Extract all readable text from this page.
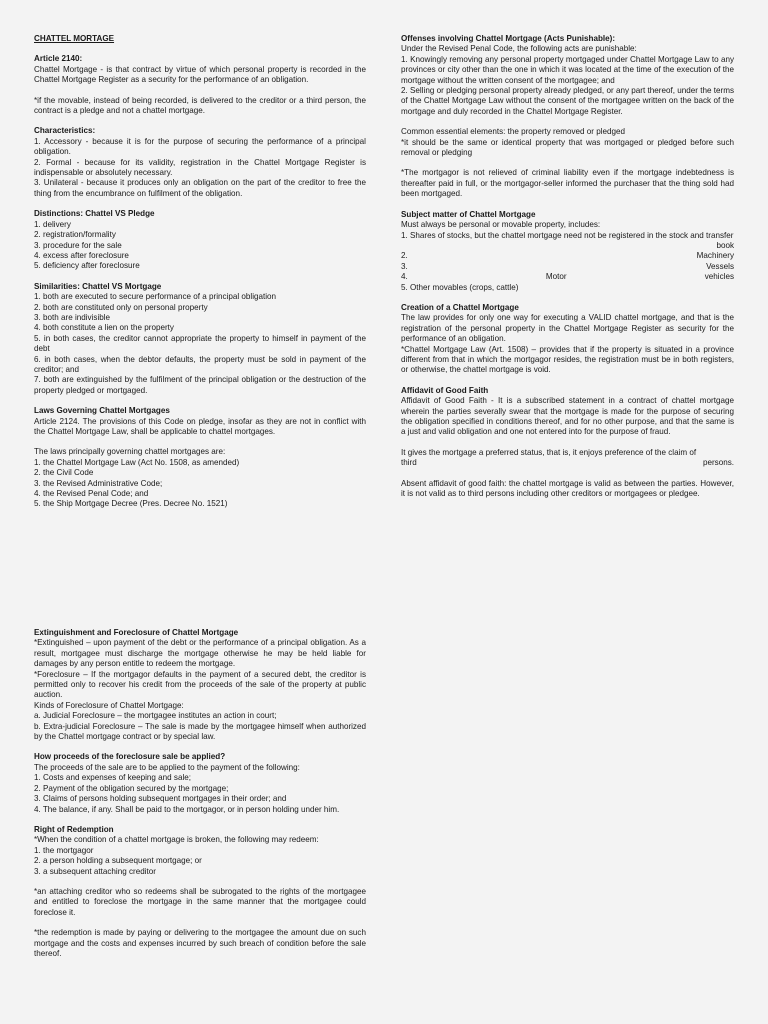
CHATTEL MORTAGE
Article 2140:
Chattel Mortgage - is that contract by virtue of which personal property is recorded in the Chattel Mortgage Register as a security for the performance of an obligation.
*if the movable, instead of being recorded, is delivered to the creditor or a third person, the contract is a pledge and not a chattel mortgage.
Characteristics:
1. Accessory - because it is for the purpose of securing the performance of a principal obligation.
2. Formal - because for its validity, registration in the Chattel Mortgage Register is indispensable or absolutely necessary.
3. Unilateral - because it produces only an obligation on the part of the creditor to free the thing from the encumbrance on fulfilment of the obligation.
Distinctions: Chattel VS Pledge
1. delivery
2. registration/formality
3. procedure for the sale
4. excess after foreclosure
5. deficiency after foreclosure
Similarities: Chattel VS Mortgage
1. both are executed to secure performance of a principal obligation
2. both are constituted only on personal property
3. both are indivisible
4. both constitute a lien on the property
5. in both cases, the creditor cannot appropriate the property to himself in payment of the debt
6. in both cases, when the debtor defaults, the property must be sold in payment of the creditor; and
7. both are extinguished by the fulfilment of the principal obligation or the destruction of the property pledged or mortgaged.
Laws Governing Chattel Mortgages
Article 2124. The provisions of this Code on pledge, insofar as they are not in conflict with the Chattel Mortgage Law, shall be applicable to chattel mortgages.
The laws principally governing chattel mortgages are:
1. the Chattel Mortgage Law (Act No. 1508, as amended)
2. the Civil Code
3. the Revised Administrative Code;
4. the Revised Penal Code; and
5. the Ship Mortgage Decree (Pres. Decree No. 1521)
Offenses involving Chattel Mortgage (Acts Punishable):
Under the Revised Penal Code, the following acts are punishable:
1. Knowingly removing any personal property mortgaged under Chattel Mortgage Law to any provinces or city other than the one in which it was located at the time of the execution of the mortgage without the written consent of the mortgagee; and
2. Selling or pledging personal property already pledged, or any part thereof, under the terms of the Chattel Mortgage Law without the consent of the mortgagee written on the back of the mortgage and duly recorded in the Chattel Mortgage Register.
Common essential elements: the property removed or pledged
*it should be the same or identical property that was mortgaged or pledged before such removal or pledging
*The mortgagor is not relieved of criminal liability even if the mortgage indebtedness is thereafter paid in full, or the mortgagor-seller informed the purchaser that the thing sold had been mortgaged.
Subject matter of Chattel Mortgage
Must always be personal or movable property, includes:
1. Shares of stocks, but the chattel mortgage need not be registered in the stock and transfer
book
2.	Machinery
3.	Vessels
4.	Motor	vehicles
5. Other movables (crops, cattle)
Creation of a Chattel Mortgage
The law provides for only one way for executing a VALID chattel mortgage, and that is the registration of the personal property in the Chattel Mortgage Register as security for the performance of an obligation.
*Chattel Mortgage Law (Art. 1508) – provides that if the property is situated in a province different from that in which the mortgagor resides, the registration must be in both registers, or otherwise, the chattel mortgage is void.
Affidavit of Good Faith
Affidavit of Good Faith - It is a subscribed statement in a contract of chattel mortgage wherein the parties severally swear that the mortgage is made for the purpose of securing the obligation specified in conditions thereof, and for no other purpose, and that the same is a just and valid obligation and one not entered into for the purpose of fraud.
It gives the mortgage a preferred status, that is, it enjoys preference of the claim of
third	persons.
Absent affidavit of good faith: the chattel mortgage is valid as between the parties. However, it is not valid as to third persons including other creditors or mortgagees or pledgee.
Extinguishment and Foreclosure of Chattel Mortgage
*Extinguished – upon payment of the debt or the performance of a principal obligation. As a result, mortgagee must discharge the mortgage otherwise he may be held liable for damages by any person entitle to redeem the mortgage.
*Foreclosure – If the mortgagor defaults in the payment of a secured debt, the creditor is permitted only to recover his credit from the proceeds of the sale of the property at public auction.
Kinds of Foreclosure of Chattel Mortgage:
a. Judicial Foreclosure – the mortgagee institutes an action in court;
b. Extra-judicial Foreclosure – The sale is made by the mortgagee himself when authorized by the Chattel mortgage contract or by special law.
How proceeds of the foreclosure sale be applied?
The proceeds of the sale are to be applied to the payment of the following:
1. Costs and expenses of keeping and sale;
2. Payment of the obligation secured by the mortgage;
3. Claims of persons holding subsequent mortgages in their order; and
4. The balance, if any. Shall be paid to the mortgagor, or in person holding under him.
Right of Redemption
*When the condition of a chattel mortgage is broken, the following may redeem:
1. the mortgagor
2. a person holding a subsequent mortgage; or
3. a subsequent attaching creditor
*an attaching creditor who so redeems shall be subrogated to the rights of the mortgagee and entitled to foreclose the mortgage in the same manner that the mortgagee could foreclose it.
*the redemption is made by paying or delivering to the mortgagee the amount due on such mortgage and the costs and expenses incurred by such breach of condition before the sale thereof.
